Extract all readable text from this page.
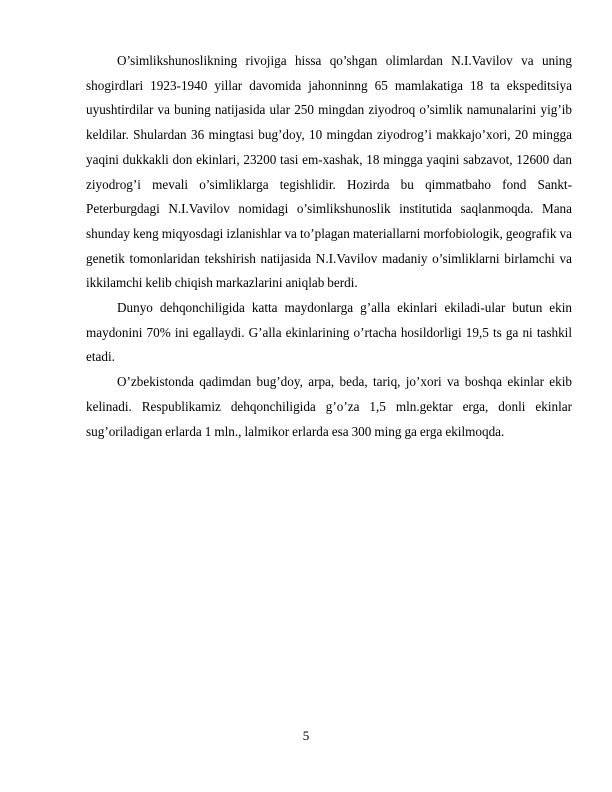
O’simlikshunoslikning rivojiga hissa qo’shgan olimlardan N.I.Vavilov va uning shogirdlari 1923-1940 yillar davomida jahonninng 65 mamlakatiga 18 ta ekspeditsiya uyushtirdilar va buning natijasida ular 250 mingdan ziyodroq o’simlik namunalarini yig’ib keldilar. Shulardan 36 mingtasi bug’doy, 10 mingdan ziyodrog’i makkajo’xori, 20 mingga yaqini dukkakli don ekinlari, 23200 tasi em-xashak, 18 mingga yaqini sabzavot, 12600 dan ziyodrog’i mevali o’simliklarga tegishlidir. Hozirda bu qimmatbaho fond Sankt-Peterburgdagi N.I.Vavilov nomidagi o’simlikshunoslik institutida saqlanmoqda. Mana shunday keng miqyosdagi izlanishlar va to’plagan materiallarni morfobiologik, geografik va genetik tomonlaridan tekshirish natijasida N.I.Vavilov madaniy o’simliklarni birlamchi va ikkilamchi kelib chiqish markazlarini aniqlab berdi.

Dunyo dehqonchiligida katta maydonlarga g’alla ekinlari ekiladi-ular butun ekin maydonini 70% ini egallaydi. G’alla ekinlarining o’rtacha hosildorligi 19,5 ts ga ni tashkil etadi.

O’zbekistonda qadimdan bug’doy, arpa, beda, tariq, jo’xori va boshqa ekinlar ekib kelinadi. Respublikamiz dehqonchiligida g’o’za 1,5 mln.gektar erga, donli ekinlar sug’oriladigan erlarda 1 mln., lalmikor erlarda esa 300 ming ga erga ekilmoqda.

5
